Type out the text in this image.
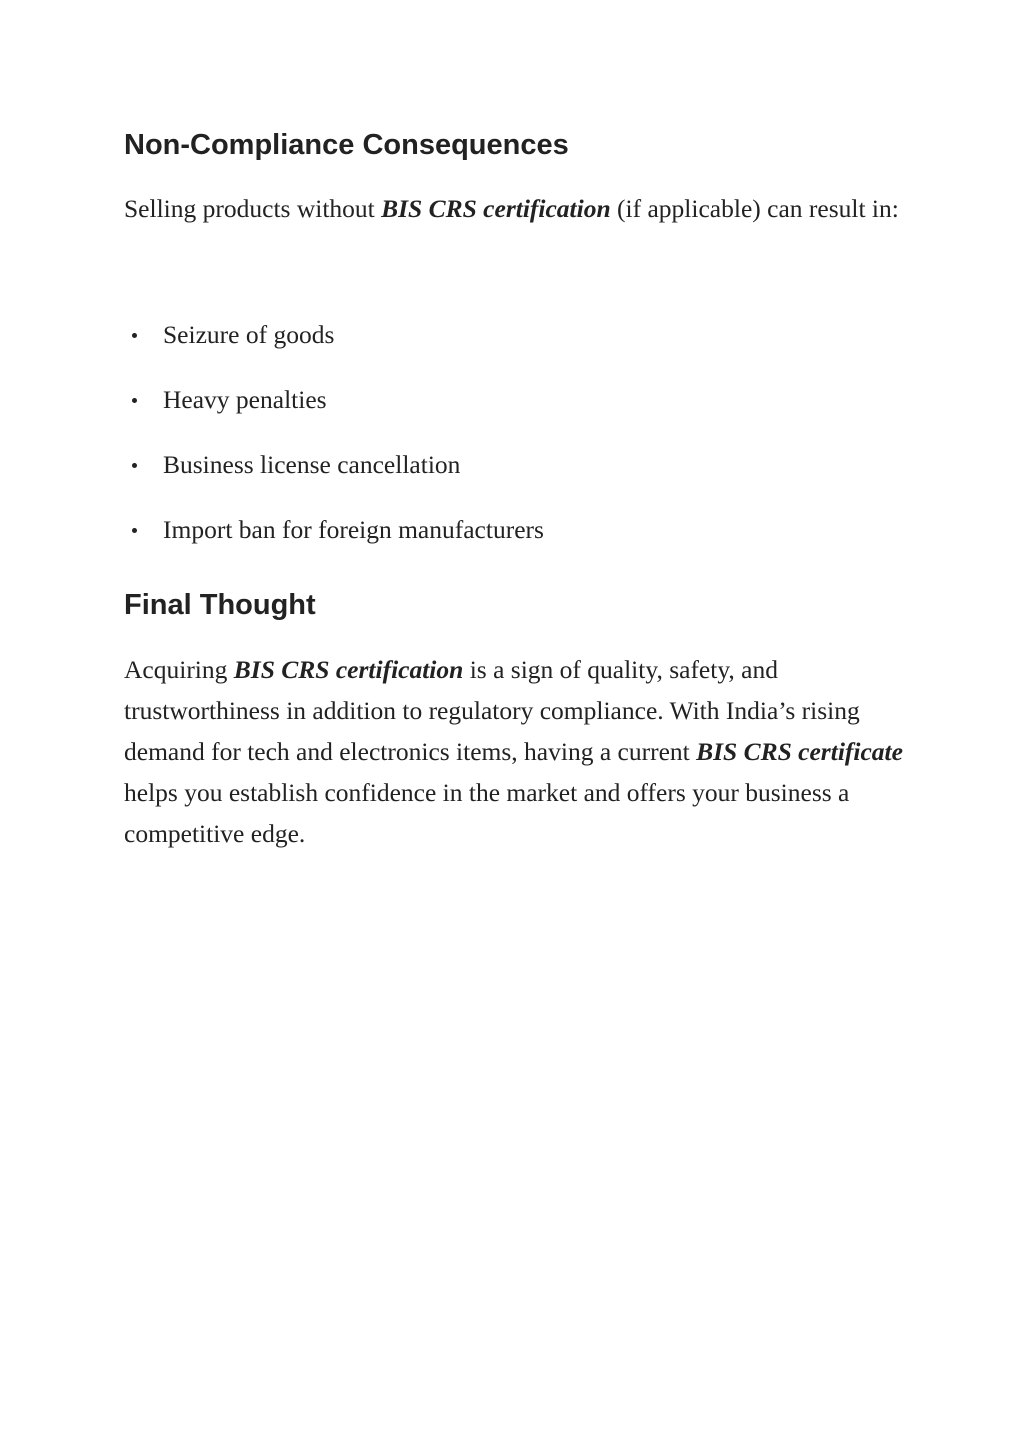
Non-Compliance Consequences

Selling products without BIS CRS certification (if applicable) can result in:

Seizure of goods
Heavy penalties
Business license cancellation
Import ban for foreign manufacturers
Final Thought

Acquiring BIS CRS certification is a sign of quality, safety, and trustworthiness in addition to regulatory compliance. With India’s rising demand for tech and electronics items, having a current BIS CRS certificate helps you establish confidence in the market and offers your business a competitive edge.
